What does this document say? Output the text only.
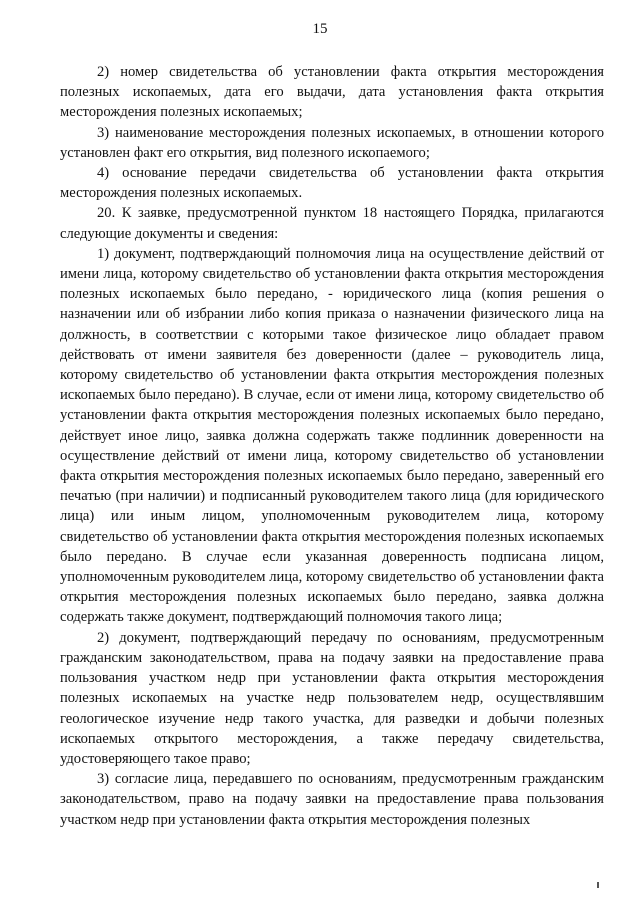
15

2) номер свидетельства об установлении факта открытия месторождения полезных ископаемых, дата его выдачи, дата установления факта открытия месторождения полезных ископаемых;

3) наименование месторождения полезных ископаемых, в отношении которого установлен факт его открытия, вид полезного ископаемого;

4) основание передачи свидетельства об установлении факта открытия месторождения полезных ископаемых.

20. К заявке, предусмотренной пунктом 18 настоящего Порядка, прилагаются следующие документы и сведения:

1) документ, подтверждающий полномочия лица на осуществление действий от имени лица, которому свидетельство об установлении факта открытия месторождения полезных ископаемых было передано, - юридического лица (копия решения о назначении или об избрании либо копия приказа о назначении физического лица на должность, в соответствии с которыми такое физическое лицо обладает правом действовать от имени заявителя без доверенности (далее – руководитель лица, которому свидетельство об установлении факта открытия месторождения полезных ископаемых было передано). В случае, если от имени лица, которому свидетельство об установлении факта открытия месторождения полезных ископаемых было передано, действует иное лицо, заявка должна содержать также подлинник доверенности на осуществление действий от имени лица, которому свидетельство об установлении факта открытия месторождения полезных ископаемых было передано, заверенный его печатью (при наличии) и подписанный руководителем такого лица (для юридического лица) или иным лицом, уполномоченным руководителем лица, которому свидетельство об установлении факта открытия месторождения полезных ископаемых было передано. В случае если указанная доверенность подписана лицом, уполномоченным руководителем лица, которому свидетельство об установлении факта открытия месторождения полезных ископаемых было передано, заявка должна содержать также документ, подтверждающий полномочия такого лица;

2) документ, подтверждающий передачу по основаниям, предусмотренным гражданским законодательством, права на подачу заявки на предоставление права пользования участком недр при установлении факта открытия месторождения полезных ископаемых на участке недр пользователем недр, осуществлявшим геологическое изучение недр такого участка, для разведки и добычи полезных ископаемых открытого месторождения, а также передачу свидетельства, удостоверяющего такое право;

3) согласие лица, передавшего по основаниям, предусмотренным гражданским законодательством, право на подачу заявки на предоставление права пользования участком недр при установлении факта открытия месторождения полезных
